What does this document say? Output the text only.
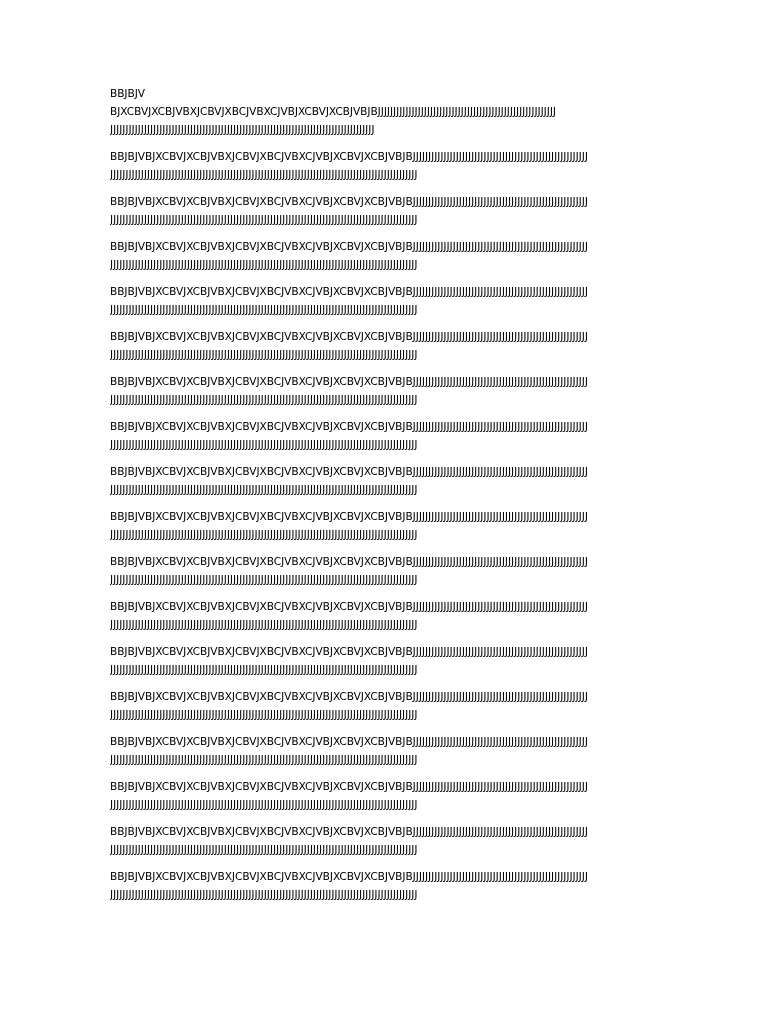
BBJBJV
BJXCBVJXCBJVBXJCBVJXBCJVBXCJVBJXCBVJXCBJVBJBJJJJJJJJJJJJJJJJJJJJJJJJJJJJJJJJJJJJJJJJJJJJJJJJJJJJJJJJJJ
JJJJJJJJJJJJJJJJJJJJJJJJJJJJJJJJJJJJJJJJJJJJJJJJJJJJJJJJJJJJJJJJJJJJJJJJJJJJJJJJJJJJJJ
BBJBJVBJXCBVJXCBJVBXJCBVJXBCJVBXCJVBJXCBVJXCBJVBJBJJJJJJJJJJJJJJJJJJJJJJJJJJJJJJJJJJJJJJJJJJJJJJJJJJJJJJJJJ
JJJJJJJJJJJJJJJJJJJJJJJJJJJJJJJJJJJJJJJJJJJJJJJJJJJJJJJJJJJJJJJJJJJJJJJJJJJJJJJJJJJJJJJJJJJJJJJJJJJJ
BBJBJVBJXCBVJXCBJVBXJCBVJXBCJVBXCJVBJXCBVJXCBJVBJBJJJJJJJJJJJJJJJJJJJJJJJJJJJJJJJJJJJJJJJJJJJJJJJJJJJJJJJJJ
JJJJJJJJJJJJJJJJJJJJJJJJJJJJJJJJJJJJJJJJJJJJJJJJJJJJJJJJJJJJJJJJJJJJJJJJJJJJJJJJJJJJJJJJJJJJJJJJJJJJ
BBJBJVBJXCBVJXCBJVBXJCBVJXBCJVBXCJVBJXCBVJXCBJVBJBJJJJJJJJJJJJJJJJJJJJJJJJJJJJJJJJJJJJJJJJJJJJJJJJJJJJJJJJJ
JJJJJJJJJJJJJJJJJJJJJJJJJJJJJJJJJJJJJJJJJJJJJJJJJJJJJJJJJJJJJJJJJJJJJJJJJJJJJJJJJJJJJJJJJJJJJJJJJJJJ
BBJBJVBJXCBVJXCBJVBXJCBVJXBCJVBXCJVBJXCBVJXCBJVBJBJJJJJJJJJJJJJJJJJJJJJJJJJJJJJJJJJJJJJJJJJJJJJJJJJJJJJJJJJ
JJJJJJJJJJJJJJJJJJJJJJJJJJJJJJJJJJJJJJJJJJJJJJJJJJJJJJJJJJJJJJJJJJJJJJJJJJJJJJJJJJJJJJJJJJJJJJJJJJJJ
BBJBJVBJXCBVJXCBJVBXJCBVJXBCJVBXCJVBJXCBVJXCBJVBJBJJJJJJJJJJJJJJJJJJJJJJJJJJJJJJJJJJJJJJJJJJJJJJJJJJJJJJJJJ
JJJJJJJJJJJJJJJJJJJJJJJJJJJJJJJJJJJJJJJJJJJJJJJJJJJJJJJJJJJJJJJJJJJJJJJJJJJJJJJJJJJJJJJJJJJJJJJJJJJJ
BBJBJVBJXCBVJXCBJVBXJCBVJXBCJVBXCJVBJXCBVJXCBJVBJBJJJJJJJJJJJJJJJJJJJJJJJJJJJJJJJJJJJJJJJJJJJJJJJJJJJJJJJJJ
JJJJJJJJJJJJJJJJJJJJJJJJJJJJJJJJJJJJJJJJJJJJJJJJJJJJJJJJJJJJJJJJJJJJJJJJJJJJJJJJJJJJJJJJJJJJJJJJJJJJ
BBJBJVBJXCBVJXCBJVBXJCBVJXBCJVBXCJVBJXCBVJXCBJVBJBJJJJJJJJJJJJJJJJJJJJJJJJJJJJJJJJJJJJJJJJJJJJJJJJJJJJJJJJJ
JJJJJJJJJJJJJJJJJJJJJJJJJJJJJJJJJJJJJJJJJJJJJJJJJJJJJJJJJJJJJJJJJJJJJJJJJJJJJJJJJJJJJJJJJJJJJJJJJJJJ
BBJBJVBJXCBVJXCBJVBXJCBVJXBCJVBXCJVBJXCBVJXCBJVBJBJJJJJJJJJJJJJJJJJJJJJJJJJJJJJJJJJJJJJJJJJJJJJJJJJJJJJJJJJ
JJJJJJJJJJJJJJJJJJJJJJJJJJJJJJJJJJJJJJJJJJJJJJJJJJJJJJJJJJJJJJJJJJJJJJJJJJJJJJJJJJJJJJJJJJJJJJJJJJJJ
BBJBJVBJXCBVJXCBJVBXJCBVJXBCJVBXCJVBJXCBVJXCBJVBJBJJJJJJJJJJJJJJJJJJJJJJJJJJJJJJJJJJJJJJJJJJJJJJJJJJJJJJJJJ
JJJJJJJJJJJJJJJJJJJJJJJJJJJJJJJJJJJJJJJJJJJJJJJJJJJJJJJJJJJJJJJJJJJJJJJJJJJJJJJJJJJJJJJJJJJJJJJJJJJJ
BBJBJVBJXCBVJXCBJVBXJCBVJXBCJVBXCJVBJXCBVJXCBJVBJBJJJJJJJJJJJJJJJJJJJJJJJJJJJJJJJJJJJJJJJJJJJJJJJJJJJJJJJJJ
JJJJJJJJJJJJJJJJJJJJJJJJJJJJJJJJJJJJJJJJJJJJJJJJJJJJJJJJJJJJJJJJJJJJJJJJJJJJJJJJJJJJJJJJJJJJJJJJJJJJ
BBJBJVBJXCBVJXCBJVBXJCBVJXBCJVBXCJVBJXCBVJXCBJVBJBJJJJJJJJJJJJJJJJJJJJJJJJJJJJJJJJJJJJJJJJJJJJJJJJJJJJJJJJJ
JJJJJJJJJJJJJJJJJJJJJJJJJJJJJJJJJJJJJJJJJJJJJJJJJJJJJJJJJJJJJJJJJJJJJJJJJJJJJJJJJJJJJJJJJJJJJJJJJJJJ
BBJBJVBJXCBVJXCBJVBXJCBVJXBCJVBXCJVBJXCBVJXCBJVBJBJJJJJJJJJJJJJJJJJJJJJJJJJJJJJJJJJJJJJJJJJJJJJJJJJJJJJJJJJ
JJJJJJJJJJJJJJJJJJJJJJJJJJJJJJJJJJJJJJJJJJJJJJJJJJJJJJJJJJJJJJJJJJJJJJJJJJJJJJJJJJJJJJJJJJJJJJJJJJJJ
BBJBJVBJXCBVJXCBJVBXJCBVJXBCJVBXCJVBJXCBVJXCBJVBJBJJJJJJJJJJJJJJJJJJJJJJJJJJJJJJJJJJJJJJJJJJJJJJJJJJJJJJJJJ
JJJJJJJJJJJJJJJJJJJJJJJJJJJJJJJJJJJJJJJJJJJJJJJJJJJJJJJJJJJJJJJJJJJJJJJJJJJJJJJJJJJJJJJJJJJJJJJJJJJJ
BBJBJVBJXCBVJXCBJVBXJCBVJXBCJVBXCJVBJXCBVJXCBJVBJBJJJJJJJJJJJJJJJJJJJJJJJJJJJJJJJJJJJJJJJJJJJJJJJJJJJJJJJJJ
JJJJJJJJJJJJJJJJJJJJJJJJJJJJJJJJJJJJJJJJJJJJJJJJJJJJJJJJJJJJJJJJJJJJJJJJJJJJJJJJJJJJJJJJJJJJJJJJJJJJ
BBJBJVBJXCBVJXCBJVBXJCBVJXBCJVBXCJVBJXCBVJXCBJVBJBJJJJJJJJJJJJJJJJJJJJJJJJJJJJJJJJJJJJJJJJJJJJJJJJJJJJJJJJJ
JJJJJJJJJJJJJJJJJJJJJJJJJJJJJJJJJJJJJJJJJJJJJJJJJJJJJJJJJJJJJJJJJJJJJJJJJJJJJJJJJJJJJJJJJJJJJJJJJJJJ
BBJBJVBJXCBVJXCBJVBXJCBVJXBCJVBXCJVBJXCBVJXCBJVBJBJJJJJJJJJJJJJJJJJJJJJJJJJJJJJJJJJJJJJJJJJJJJJJJJJJJJJJJJJ
JJJJJJJJJJJJJJJJJJJJJJJJJJJJJJJJJJJJJJJJJJJJJJJJJJJJJJJJJJJJJJJJJJJJJJJJJJJJJJJJJJJJJJJJJJJJJJJJJJJJ
BBJBJVBJXCBVJXCBJVBXJCBVJXBCJVBXCJVBJXCBVJXCBJVBJBJJJJJJJJJJJJJJJJJJJJJJJJJJJJJJJJJJJJJJJJJJJJJJJJJJJJJJJJJ
JJJJJJJJJJJJJJJJJJJJJJJJJJJJJJJJJJJJJJJJJJJJJJJJJJJJJJJJJJJJJJJJJJJJJJJJJJJJJJJJJJJJJJJJJJJJJJJJJJJJ
